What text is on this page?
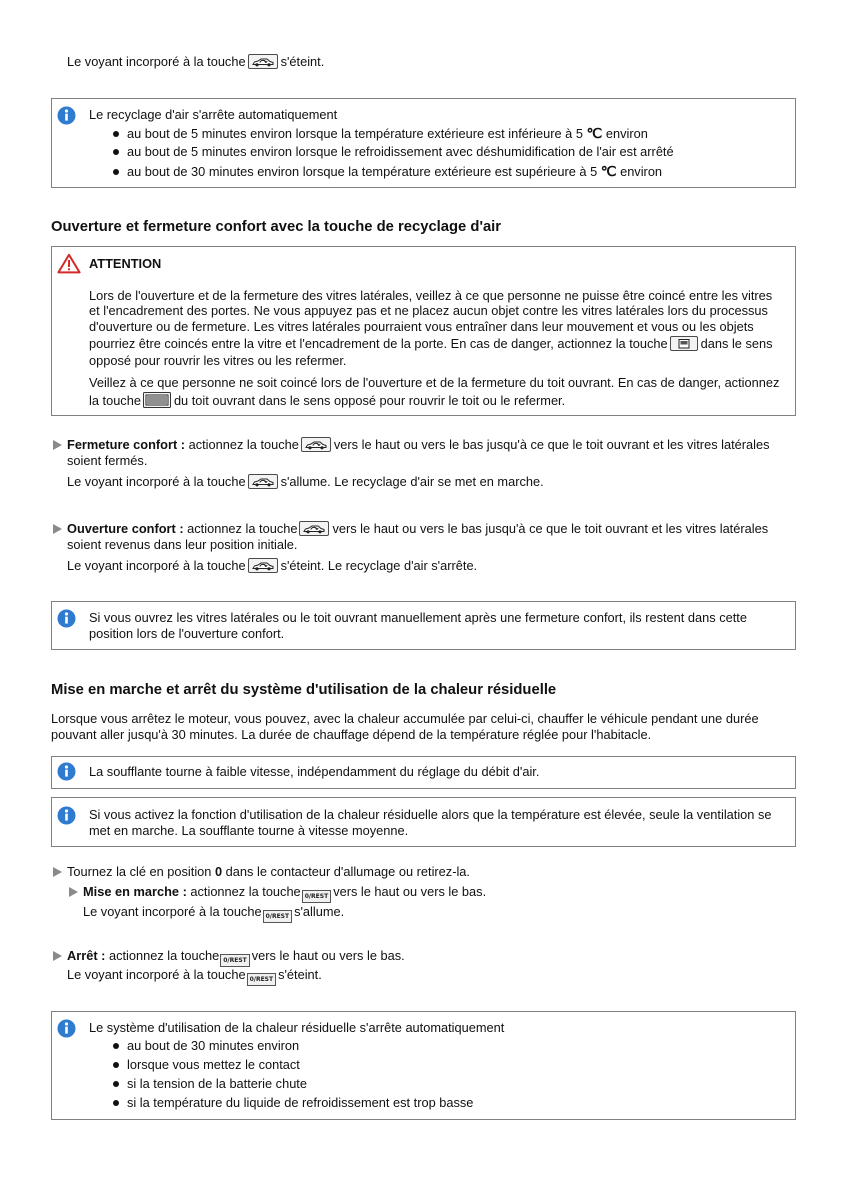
Le voyant incorporé à la touche	s'éteint.
Le recyclage d'air s'arrête automatiquement
au bout de 5 minutes environ lorsque la température extérieure est inférieure à 5 ℃ environ
au bout de 5 minutes environ lorsque le refroidissement avec déshumidification de l'air est arrêté
au bout de 30 minutes environ lorsque la température extérieure est supérieure à 5 ℃ environ
Ouverture et fermeture confort avec la touche de recyclage d'air
ATTENTION
Lors de l'ouverture et de la fermeture des vitres latérales, veillez à ce que personne ne puisse être coincé entre les vitres
et l'encadrement des portes. Ne vous appuyez pas et ne placez aucun objet contre les vitres latérales lors du processus
d'ouverture ou de fermeture. Les vitres latérales pourraient vous entraîner dans leur mouvement et vous ou les objets
pourriez être coincés entre la vitre et l'encadrement de la porte. En cas de danger, actionnez la touche	dans le sens
opposé pour rouvrir les vitres ou les refermer.
Veillez à ce que personne ne soit coincé lors de l'ouverture et de la fermeture du toit ouvrant. En cas de danger, actionnez
la touche	du toit ouvrant dans le sens opposé pour rouvrir le toit ou le refermer.
Fermeture confort : actionnez la touche	vers le haut ou vers le bas jusqu'à ce que le toit ouvrant et les vitres latérales
soient fermés.
Le voyant incorporé à la touche	s'allume. Le recyclage d'air se met en marche.
Ouverture confort : actionnez la touche	vers le haut ou vers le bas jusqu'à ce que le toit ouvrant et les vitres latérales
soient revenus dans leur position initiale.
Le voyant incorporé à la touche	s'éteint. Le recyclage d'air s'arrête.
Si vous ouvrez les vitres latérales ou le toit ouvrant manuellement après une fermeture confort, ils restent dans cette
position lors de l'ouverture confort.
Mise en marche et arrêt du système d'utilisation de la chaleur résiduelle
Lorsque vous arrêtez le moteur, vous pouvez, avec la chaleur accumulée par celui-ci, chauffer le véhicule pendant une durée
pouvant aller jusqu'à 30 minutes. La durée de chauffage dépend de la température réglée pour l'habitacle.
La soufflante tourne à faible vitesse, indépendamment du réglage du débit d'air.
Si vous activez la fonction d'utilisation de la chaleur résiduelle alors que la température est élevée, seule la ventilation se
met en marche. La soufflante tourne à vitesse moyenne.
Tournez la clé en position 0 dans le contacteur d'allumage ou retirez-la.
Mise en marche : actionnez la touche 0/REST vers le haut ou vers le bas.
Le voyant incorporé à la touche 0/REST s'allume.
Arrêt : actionnez la touche 0/REST vers le haut ou vers le bas.
Le voyant incorporé à la touche 0/REST s'éteint.
Le système d'utilisation de la chaleur résiduelle s'arrête automatiquement
au bout de 30 minutes environ
lorsque vous mettez le contact
si la tension de la batterie chute
si la température du liquide de refroidissement est trop basse
